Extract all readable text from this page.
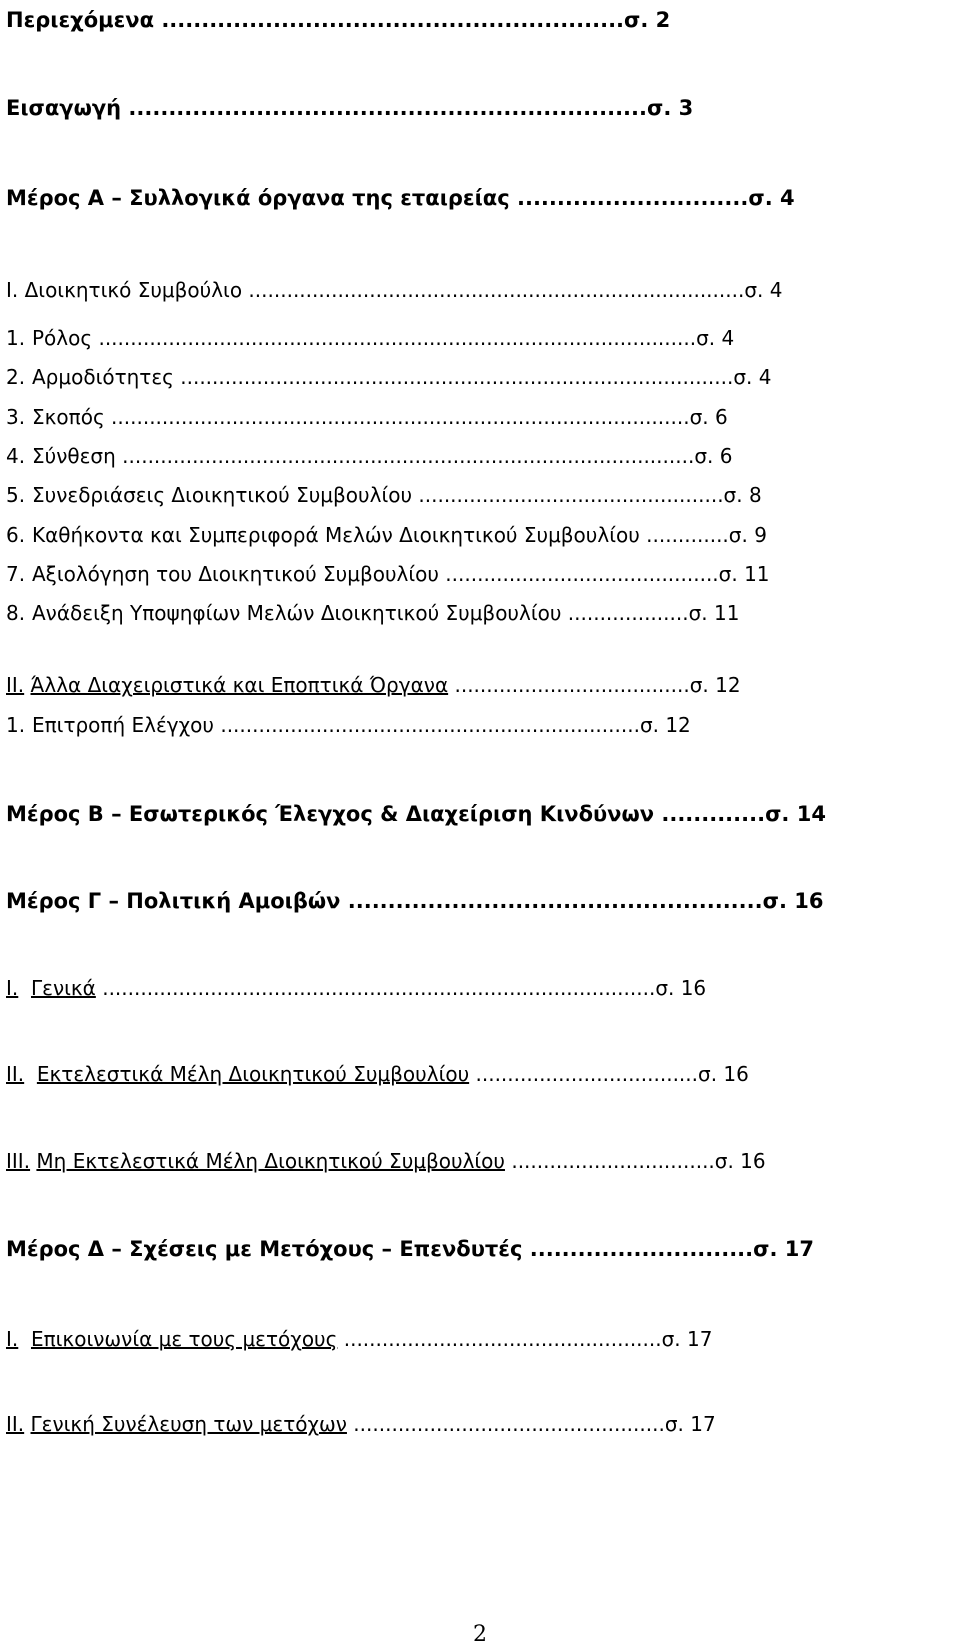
Περιεχόμενα ..........................................................σ. 2
Εισαγωγή .................................................................σ. 3
Μέρος Α – Συλλογικά όργανα της εταιρείας .............................σ. 4
Ι. Διοικητικό Συμβούλιο ..............................................................................σ. 4
1. Ρόλος ..............................................................................................σ. 4
2. Αρμοδιότητες .......................................................................................σ. 4
3. Σκοπός ...........................................................................................σ. 6
4. Σύνθεση ..........................................................................................σ. 6
5. Συνεδριάσεις Διοικητικού Συμβουλίου ................................................σ. 8
6. Καθήκοντα και Συμπεριφορά Μελών Διοικητικού Συμβουλίου .............σ. 9
7. Αξιολόγηση του Διοικητικού Συμβουλίου ...........................................σ. 11
8. Ανάδειξη Υποψηφίων Μελών Διοικητικού Συμβουλίου ...................σ. 11
ΙΙ. Άλλα Διαχειριστικά και Εποπτικά Όργανα .....................................σ. 12
1. Επιτροπή Ελέγχου ..................................................................σ. 12
Μέρος Β – Εσωτερικός Έλεγχος & Διαχείριση Κινδύνων .............σ. 14
Μέρος Γ – Πολιτική Αμοιβών ....................................................σ. 16
Ι. Γενικά .......................................................................................σ. 16
ΙΙ. Εκτελεστικά Μέλη Διοικητικού Συμβουλίου ...................................σ. 16
ΙΙΙ. Μη Εκτελεστικά Μέλη Διοικητικού Συμβουλίου ................................σ. 16
Μέρος Δ – Σχέσεις με Μετόχους – Επενδυτές ............................σ. 17
Ι. Επικοινωνία με τους μετόχους ..................................................σ. 17
ΙΙ. Γενική Συνέλευση των μετόχων .................................................σ. 17
2
